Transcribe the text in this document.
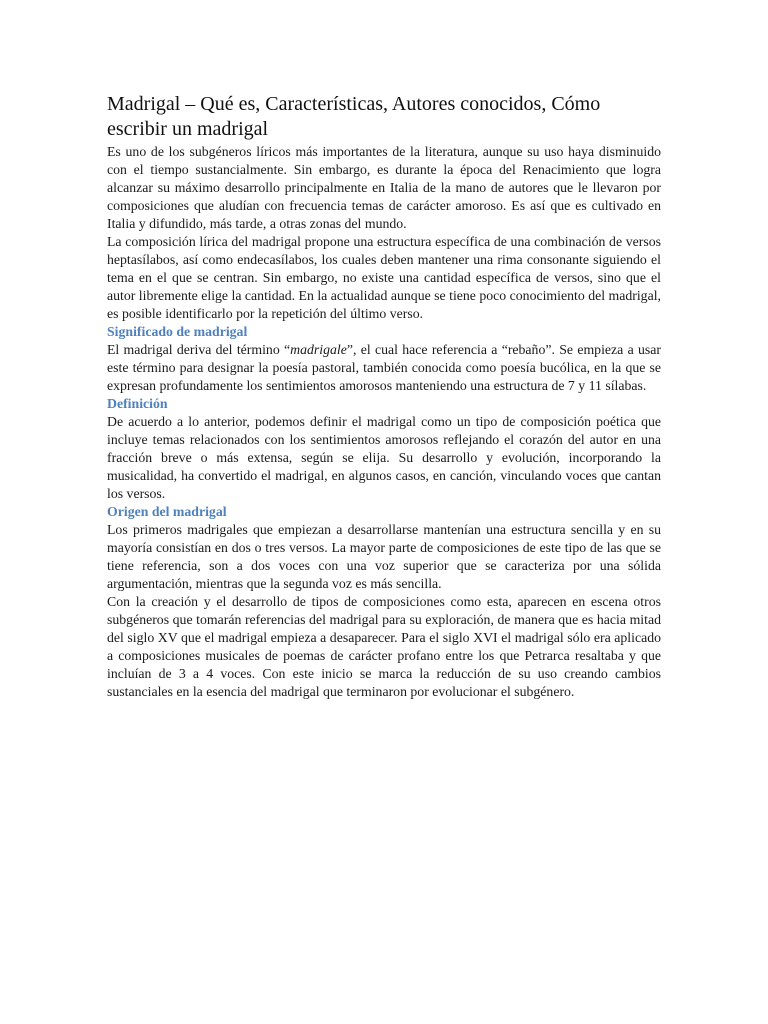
Madrigal – Qué es, Características, Autores conocidos, Cómo escribir un madrigal

Es uno de los subgéneros líricos más importantes de la literatura, aunque su uso haya disminuido con el tiempo sustancialmente. Sin embargo, es durante la época del Renacimiento que logra alcanzar su máximo desarrollo principalmente en Italia de la mano de autores que le llevaron por composiciones que aludían con frecuencia temas de carácter amoroso. Es así que es cultivado en Italia y difundido, más tarde, a otras zonas del mundo.

La composición lírica del madrigal propone una estructura específica de una combinación de versos heptasílabos, así como endecasílabos, los cuales deben mantener una rima consonante siguiendo el tema en el que se centran. Sin embargo, no existe una cantidad específica de versos, sino que el autor libremente elige la cantidad. En la actualidad aunque se tiene poco conocimiento del madrigal, es posible identificarlo por la repetición del último verso.

Significado de madrigal

El madrigal deriva del término “madrigale”, el cual hace referencia a “rebaño”. Se empieza a usar este término para designar la poesía pastoral, también conocida como poesía bucólica, en la que se expresan profundamente los sentimientos amorosos manteniendo una estructura de 7 y 11 sílabas.

Definición

De acuerdo a lo anterior, podemos definir el madrigal como un tipo de composición poética que incluye temas relacionados con los sentimientos amorosos reflejando el corazón del autor en una fracción breve o más extensa, según se elija. Su desarrollo y evolución, incorporando la musicalidad, ha convertido el madrigal, en algunos casos, en canción, vinculando voces que cantan los versos.

Origen del madrigal

Los primeros madrigales que empiezan a desarrollarse mantenían una estructura sencilla y en su mayoría consistían en dos o tres versos. La mayor parte de composiciones de este tipo de las que se tiene referencia, son a dos voces con una voz superior que se caracteriza por una sólida argumentación, mientras que la segunda voz es más sencilla.

Con la creación y el desarrollo de tipos de composiciones como esta, aparecen en escena otros subgéneros que tomarán referencias del madrigal para su exploración, de manera que es hacia mitad del siglo XV que el madrigal empieza a desaparecer. Para el siglo XVI el madrigal sólo era aplicado a composiciones musicales de poemas de carácter profano entre los que Petrarca resaltaba y que incluían de 3 a 4 voces. Con este inicio se marca la reducción de su uso creando cambios sustanciales en la esencia del madrigal que terminaron por evolucionar el subgénero.
